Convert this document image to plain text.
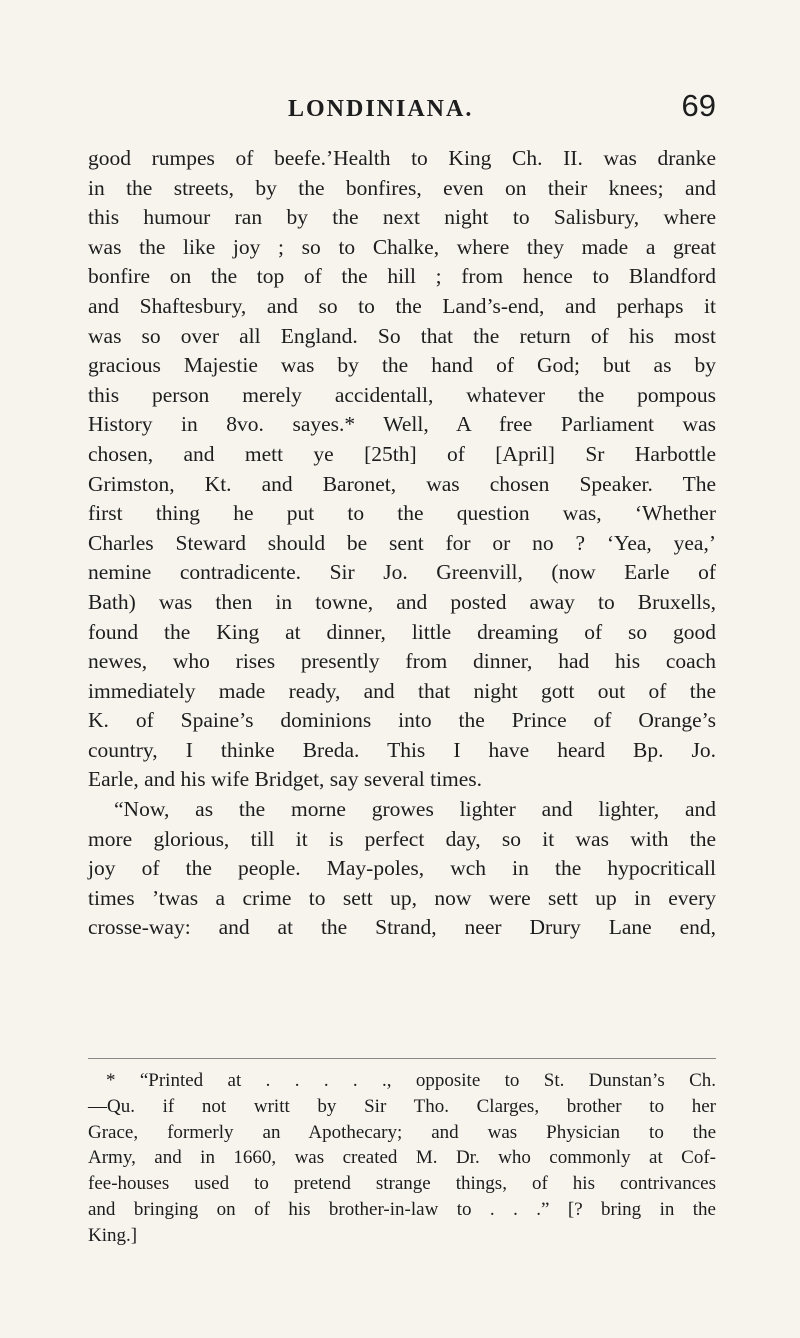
LONDINIANA.	69
good rumpes of beefe.’Health to King Ch. II. was dranke
in the streets, by the bonfires, even on their knees; and
this humour ran by the next night to Salisbury, where
was the like joy ; so to Chalke, where they made a great
bonfire on the top of the hill ; from hence to Blandford
and Shaftesbury, and so to the Land’s-end, and perhaps it
was so over all England. So that the return of his most
gracious Majestie was by the hand of God; but as by
this person merely accidentall, whatever the pompous
History in 8vo. sayes.* Well, A free Parliament was
chosen, and mett ye [25th] of [April] Sr Harbottle
Grimston, Kt. and Baronet, was chosen Speaker. The
first thing he put to the question was, ‘Whether
Charles Steward should be sent for or no ? ‘Yea, yea,’
nemine contradicente. Sir Jo. Greenvill, (now Earle of
Bath) was then in towne, and posted away to Bruxells,
found the King at dinner, little dreaming of so good
newes, who rises presently from dinner, had his coach
immediately made ready, and that night gott out of the
K. of Spaine’s dominions into the Prince of Orange’s
country, I thinke Breda. This I have heard Bp. Jo.
Earle, and his wife Bridget, say several times.
“Now, as the morne growes lighter and lighter, and
more glorious, till it is perfect day, so it was with the
joy of the people. May-poles, wch in the hypocriticall
times ’twas a crime to sett up, now were sett up in every
crosse-way: and at the Strand, neer Drury Lane end,
* “Printed at . . . . ., opposite to St. Dunstan’s Ch.
—Qu. if not writt by Sir Tho. Clarges, brother to her
Grace, formerly an Apothecary; and was Physician to the
Army, and in 1660, was created M. Dr. who commonly at Cof-
fee-houses used to pretend strange things, of his contrivances
and bringing on of his brother-in-law to . . .” [? bring in the
King.]
